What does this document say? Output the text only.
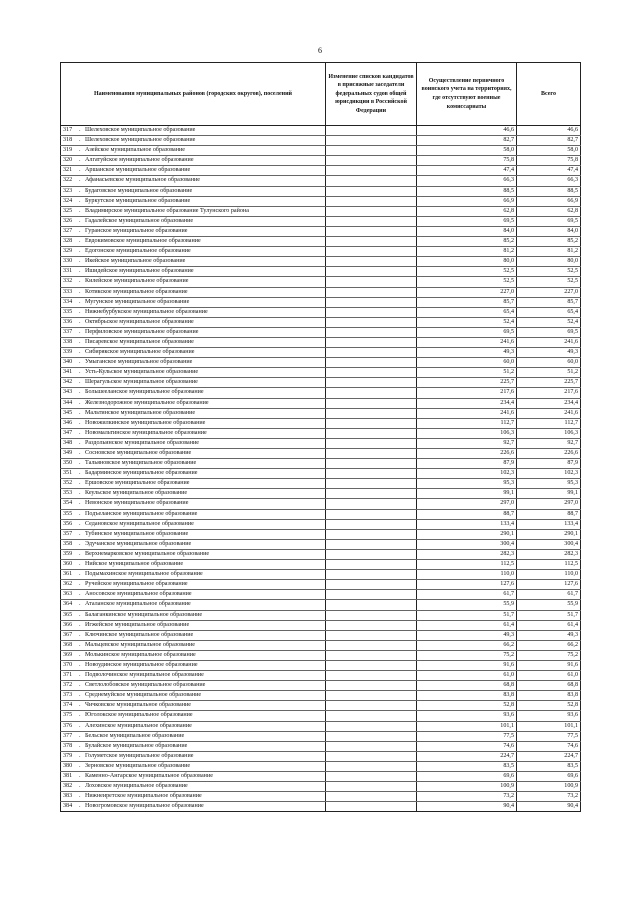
6
Наименования муниципальных районов (городских округов), поселений	Изменение списков кандидатов в присяжные заседатели федеральных судов общей юрисдикции в Российской Федерации	Осуществление первичного воинского учета на территориях, где отсутствуют военные комиссариаты	Всего
317 . Шелеховское муниципальное образование		46,6	46,6
318 . Шелеховское муниципальное образование		82,7	82,7
319 . Азейское муниципальное образование		58,0	58,0
320 . Алгатуйское муниципальное образование		75,8	75,8
321 . Аршанское муниципальное образование		47,4	47,4
322 . Афанасьевское муниципальное образование		66,3	66,3
323 . Будаговское муниципальное образование		88,5	88,5
324 . Буркутское муниципальное образование		66,9	66,9
325 . Владимирское муниципальное образование Тулунского района		62,8	62,8
326 . Гадалейское муниципальное образование		69,5	69,5
327 . Гуранское муниципальное образование		84,0	84,0
328 . Евдокимовское муниципальное образование		85,2	85,2
329 . Едогонское муниципальное образование		81,2	81,2
330 . Икейское муниципальное образование		80,0	80,0
331 . Ишидейское муниципальное образование		52,5	52,5
332 . Килейское муниципальное образование		52,5	52,5
333 . Котикское муниципальное образование		227,0	227,0
334 . Мугунское муниципальное образование		85,7	85,7
335 . Нижнебурбукское муниципальное образование		65,4	65,4
336 . Октябрьское муниципальное образование		52,4	52,4
337 . Перфиловское муниципальное образование		69,5	69,5
338 . Писаревское муниципальное образование		241,6	241,6
339 . Сибирякское муниципальное образование		49,3	49,3
340 . Умыганское муниципальное образование		60,0	60,0
341 . Усть-Кульское муниципальное образование		51,2	51,2
342 . Шерагульское муниципальное образование		225,7	225,7
343 . Большееланское муниципальное образование		217,6	217,6
344 . Железнодорожное муниципальное образование		234,4	234,4
345 . Мальтинское муниципальное образование		241,6	241,6
346 . Новожилкинское муниципальное образование		112,7	112,7
347 . Новомальтинское муниципальное образование		106,3	106,3
348 . Раздольинское муниципальное образование		92,7	92,7
349 . Сосновское муниципальное образование		226,6	226,6
350 . Тальяновское муниципальное образование		87,9	87,9
351 . Бадарминское муниципальное образование		102,3	102,3
352 . Ершовское муниципальное образование		95,3	95,3
353 . Кеульское муниципальное образование		99,1	99,1
354 . Невонское муниципальное образование		297,0	297,0
355 . Подъеланское муниципальное образование		88,7	88,7
356 . Седановское муниципальное образование		133,4	133,4
357 . Тубинское муниципальное образование		290,1	290,1
358 . Эдучанское муниципальное образование		300,4	300,4
359 . Верхнемарковское муниципальное образование		282,3	282,3
360 . Нийское муниципальное образование		112,5	112,5
361 . Подымахинское муниципальное образование		110,0	110,0
362 . Ручейское муниципальное образование		127,6	127,6
363 . Аносовское муниципальное образование		61,7	61,7
364 . Аталанское муниципальное образование		55,9	55,9
365 . Балаганкинское муниципальное образование		51,7	51,7
366 . Игжейское муниципальное образование		61,4	61,4
367 . Ключинское муниципальное образование		49,3	49,3
368 . Мальцевское муниципальное образование		66,2	66,2
369 . Молькинское муниципальное образование		75,2	75,2
370 . Новоудинское муниципальное образование		91,6	91,6
371 . Подволочинское муниципальное образование		61,0	61,0
372 . Светлолобовское муниципальное образование		68,8	68,8
373 . Среднемуйское муниципальное образование		83,8	83,8
374 . Чичковское муниципальное образование		52,8	52,8
375 . Юголокское муниципальное образование		93,6	93,6
376 . Алехинское муниципальное образование		101,1	101,1
377 . Бельское муниципальное образование		77,5	77,5
378 . Булайское муниципальное образование		74,6	74,6
379 . Голуметское муниципальное образование		224,7	224,7
380 . Зерновское муниципальное образование		83,5	83,5
381 . Каменно-Ангарское муниципальное образование		69,6	69,6
382 . Лоховское муниципальное образование		100,9	100,9
383 . Нижнеиретское муниципальное образование		73,2	73,2
384 . Новогромовское муниципальное образование		90,4	90,4
